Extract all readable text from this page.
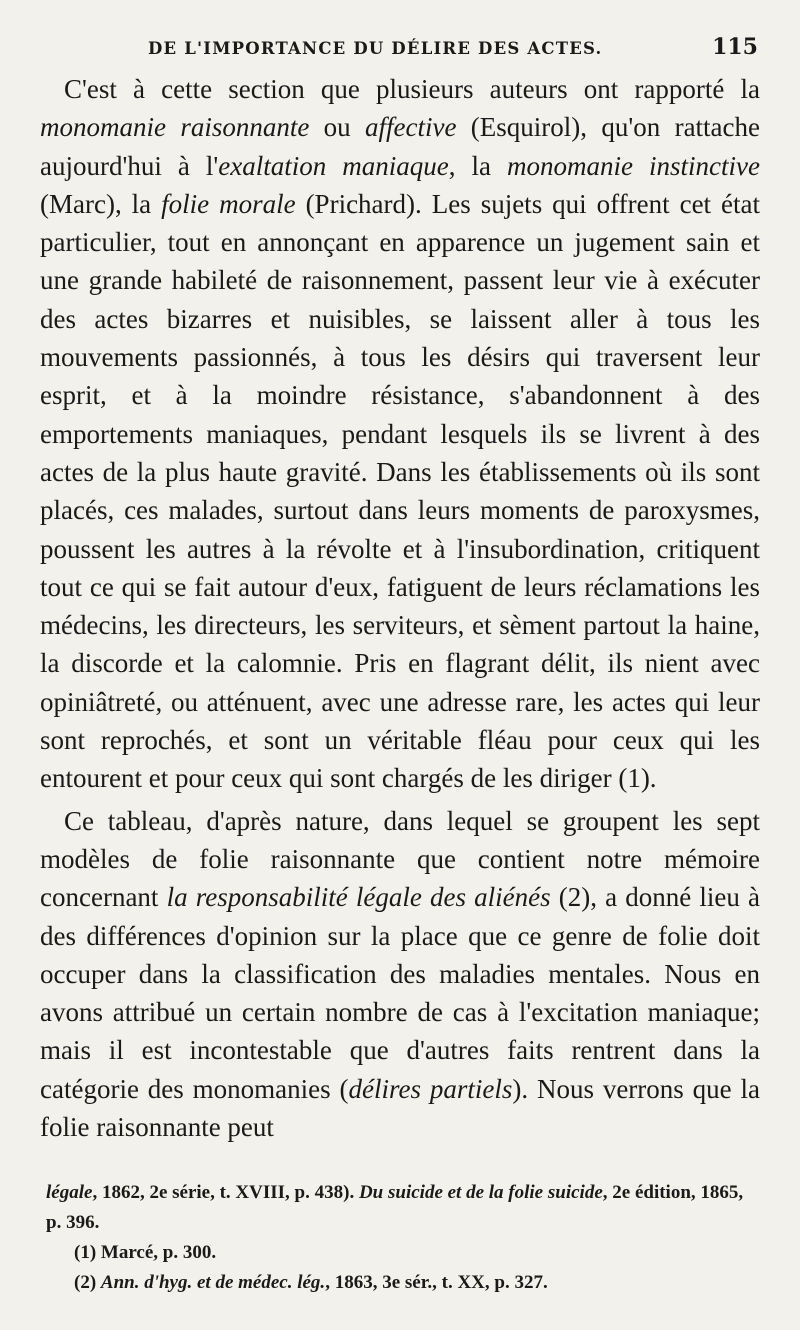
DE L'IMPORTANCE DU DÉLIRE DES ACTES.	115

C'est à cette section que plusieurs auteurs ont rapporté la monomanie raisonnante ou affective (Esquirol), qu'on rattache aujourd'hui à l'exaltation maniaque, la monomanie instinctive (Marc), la folie morale (Prichard). Les sujets qui offrent cet état particulier, tout en annonçant en apparence un jugement sain et une grande habileté de raisonnement, passent leur vie à exécuter des actes bizarres et nuisibles, se laissent aller à tous les mouvements passionnés, à tous les désirs qui traversent leur esprit, et à la moindre résistance, s'abandonnent à des emportements maniaques, pendant lesquels ils se livrent à des actes de la plus haute gravité. Dans les établissements où ils sont placés, ces malades, surtout dans leurs moments de paroxysmes, poussent les autres à la révolte et à l'insubordination, critiquent tout ce qui se fait autour d'eux, fatiguent de leurs réclamations les médecins, les directeurs, les serviteurs, et sèment partout la haine, la discorde et la calomnie. Pris en flagrant délit, ils nient avec opiniâtreté, ou atténuent, avec une adresse rare, les actes qui leur sont reprochés, et sont un véritable fléau pour ceux qui les entourent et pour ceux qui sont chargés de les diriger (1).

Ce tableau, d'après nature, dans lequel se groupent les sept modèles de folie raisonnante que contient notre mémoire concernant la responsabilité légale des aliénés (2), a donné lieu à des différences d'opinion sur la place que ce genre de folie doit occuper dans la classification des maladies mentales. Nous en avons attribué un certain nombre de cas à l'excitation maniaque; mais il est incontestable que d'autres faits rentrent dans la catégorie des monomanies (délires partiels). Nous verrons que la folie raisonnante peut

légale, 1862, 2e série, t. XVIII, p. 438). Du suicide et de la folie suicide, 2e édition, 1865, p. 396.
(1) Marcé, p. 300.
(2) Ann. d'hyg. et de médec. lég., 1863, 3e sér., t. XX, p. 327.
